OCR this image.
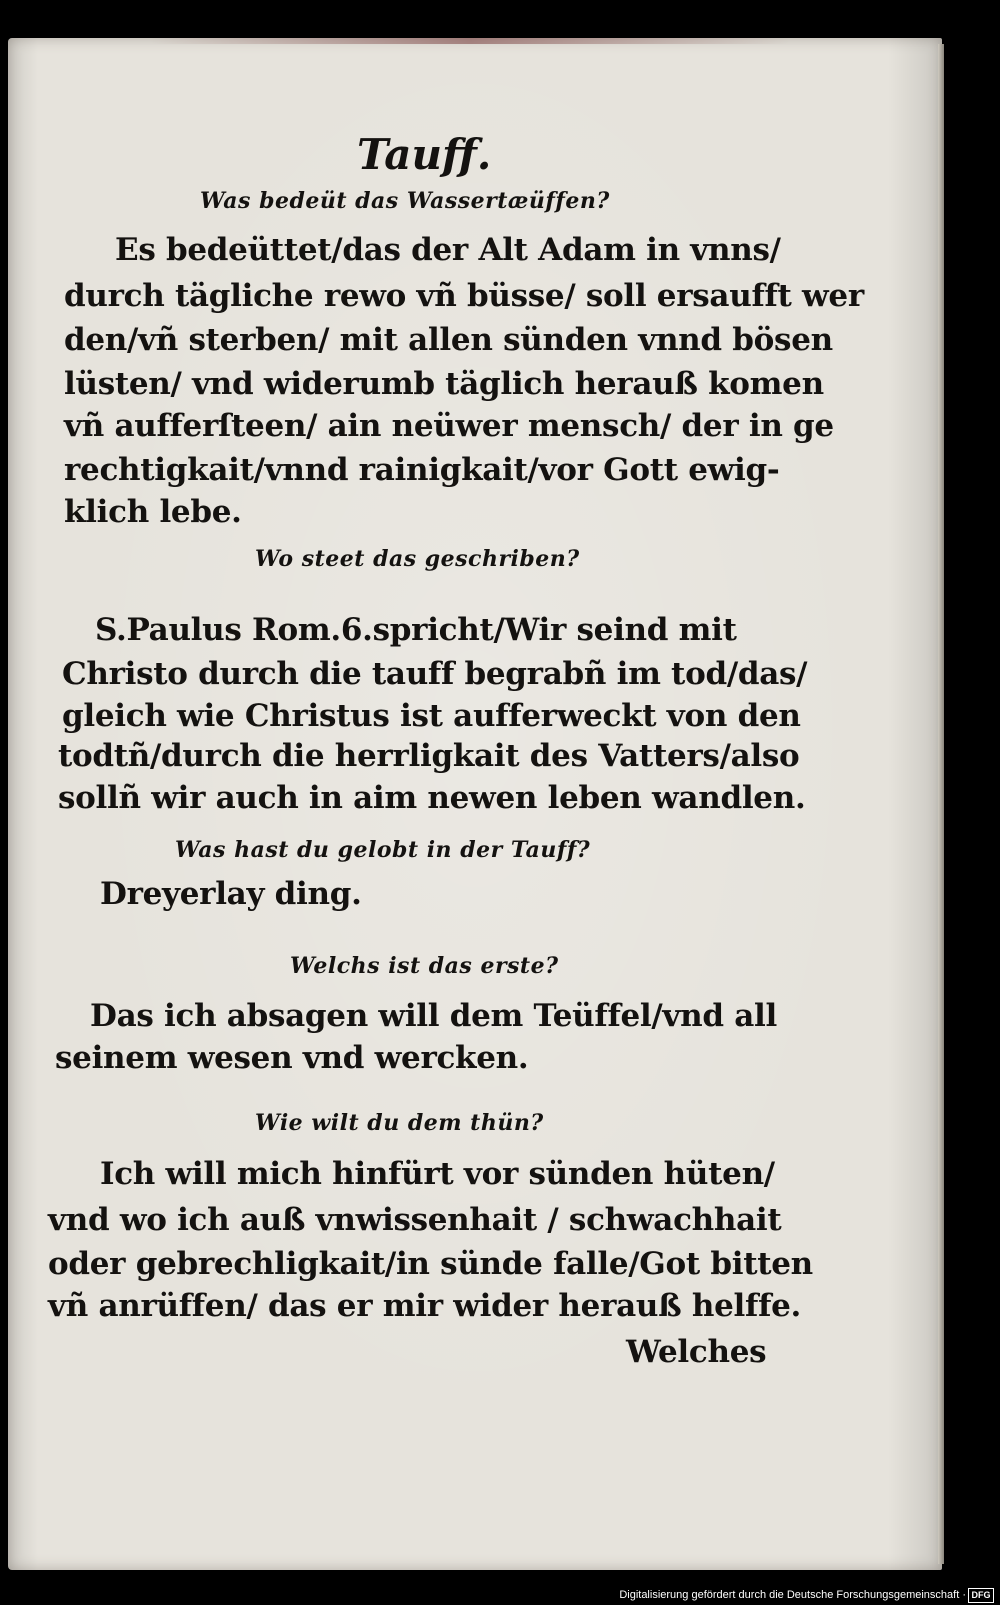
Tauff.
Was bedeüt das Wassertæüffen?
Es bedeüttet/das der Alt Adam in vnns/
durch tägliche rewo vñ büsse/ soll ersaufft wer
den/vñ sterben/ mit allen sünden vnnd bösen
lüsten/ vnd widerumb täglich herauß komen
vñ aufferſteen/ ain neüwer mensch/ der in ge
rechtigkait/vnnd rainigkait/vor Gott ewig-
klich lebe.
Wo steet das geschriben?
S.Paulus Rom.6.spricht/Wir seind mit
Christo durch die tauff begrabñ im tod/das/
gleich wie Christus ist aufferweckt von den
todtñ/durch die herrligkait des Vatters/also
sollñ wir auch in aim newen leben wandlen.
Was hast du gelobt in der Tauff?
Dreyerlay ding.
Welchs ist das erste?
Das ich absagen will dem Teüffel/vnd all
seinem wesen vnd wercken.
Wie wilt du dem thün?
Ich will mich hinfürt vor sünden hüten/
vnd wo ich auß vnwissenhait / schwachhait
oder gebrechligkait/in sünde falle/Got bitten
vñ anrüffen/ das er mir wider herauß helffe.
Welches
Digitalisierung gefördert durch die Deutsche Forschungsgemeinschaft · DFG
